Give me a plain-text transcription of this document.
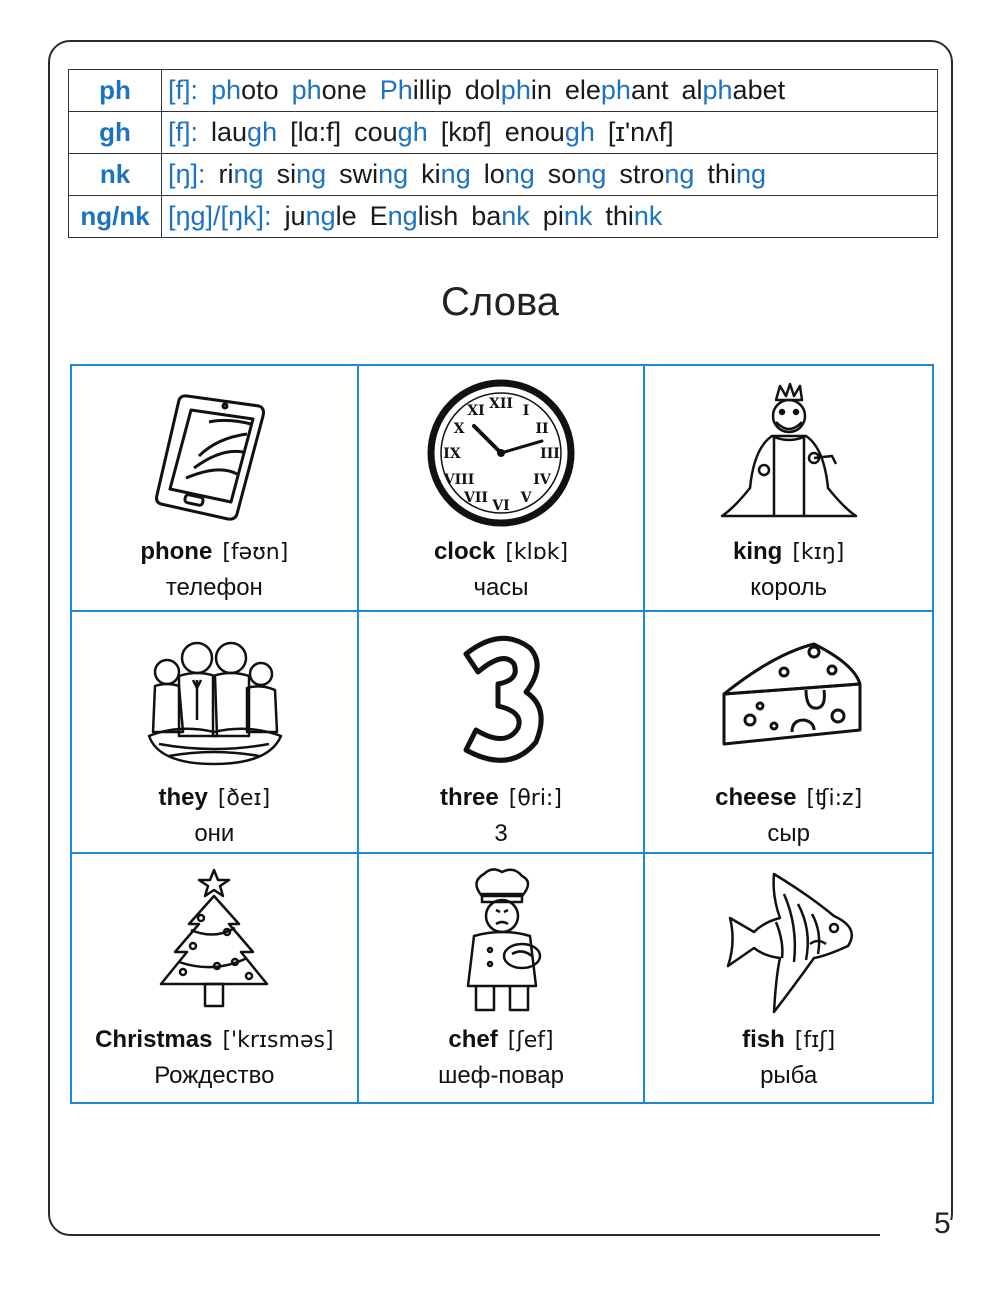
5
ph	[f]: photo phone Phillip dolphin elephant alphabet
gh	[f]: laugh [lɑ:f] cough [kɒf] enough [ɪ'nʌf]
nk	[ŋ]: ring sing swing king long song strong thing
ng/nk	[ŋg]/[ŋk]: jungle English bank pink think
Слова
phone [fəʊn]
телефон
XII I
II
III
IV
V
VI
VII
VIII
IX
X
XI
clock [klɒk]
часы
king [kɪŋ]
король
they [ðeɪ]
они
three [θri:]
3
cheese [ʧi:z]
сыр
Christmas ['krɪsməs]
Рождество
chef [ʃef]
шеф-повар
fish [fɪʃ]
рыба
